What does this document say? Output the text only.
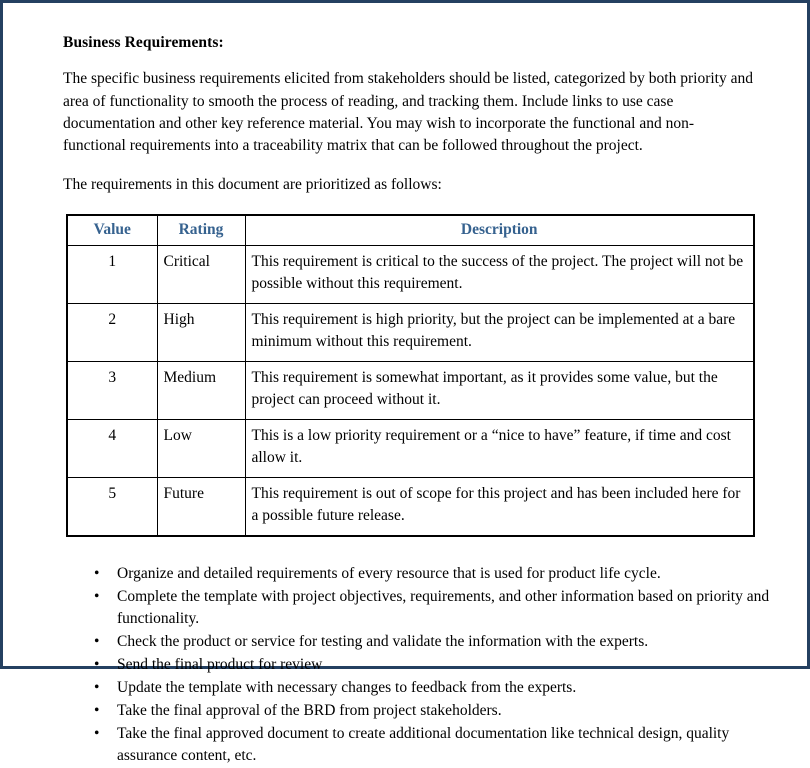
Business Requirements:

The specific business requirements elicited from stakeholders should be listed, categorized by both priority and area of functionality to smooth the process of reading, and tracking them. Include links to use case documentation and other key reference material. You may wish to incorporate the functional and non-functional requirements into a traceability matrix that can be followed throughout the project.

The requirements in this document are prioritized as follows:

Value	Rating	Description
1	Critical	This requirement is critical to the success of the project. The project will not be possible without this requirement.
2	High	This requirement is high priority, but the project can be implemented at a bare minimum without this requirement.
3	Medium	This requirement is somewhat important, as it provides some value, but the project can proceed without it.
4	Low	This is a low priority requirement or a “nice to have” feature, if time and cost allow it.
5	Future	This requirement is out of scope for this project and has been included here for a possible future release.
• Organize and detailed requirements of every resource that is used for product life cycle.
• Complete the template with project objectives, requirements, and other information based on priority and functionality.
• Check the product or service for testing and validate the information with the experts.
• Send the final product for review
• Update the template with necessary changes to feedback from the experts.
• Take the final approval of the BRD from project stakeholders.
• Take the final approved document to create additional documentation like technical design, quality assurance content, etc.
